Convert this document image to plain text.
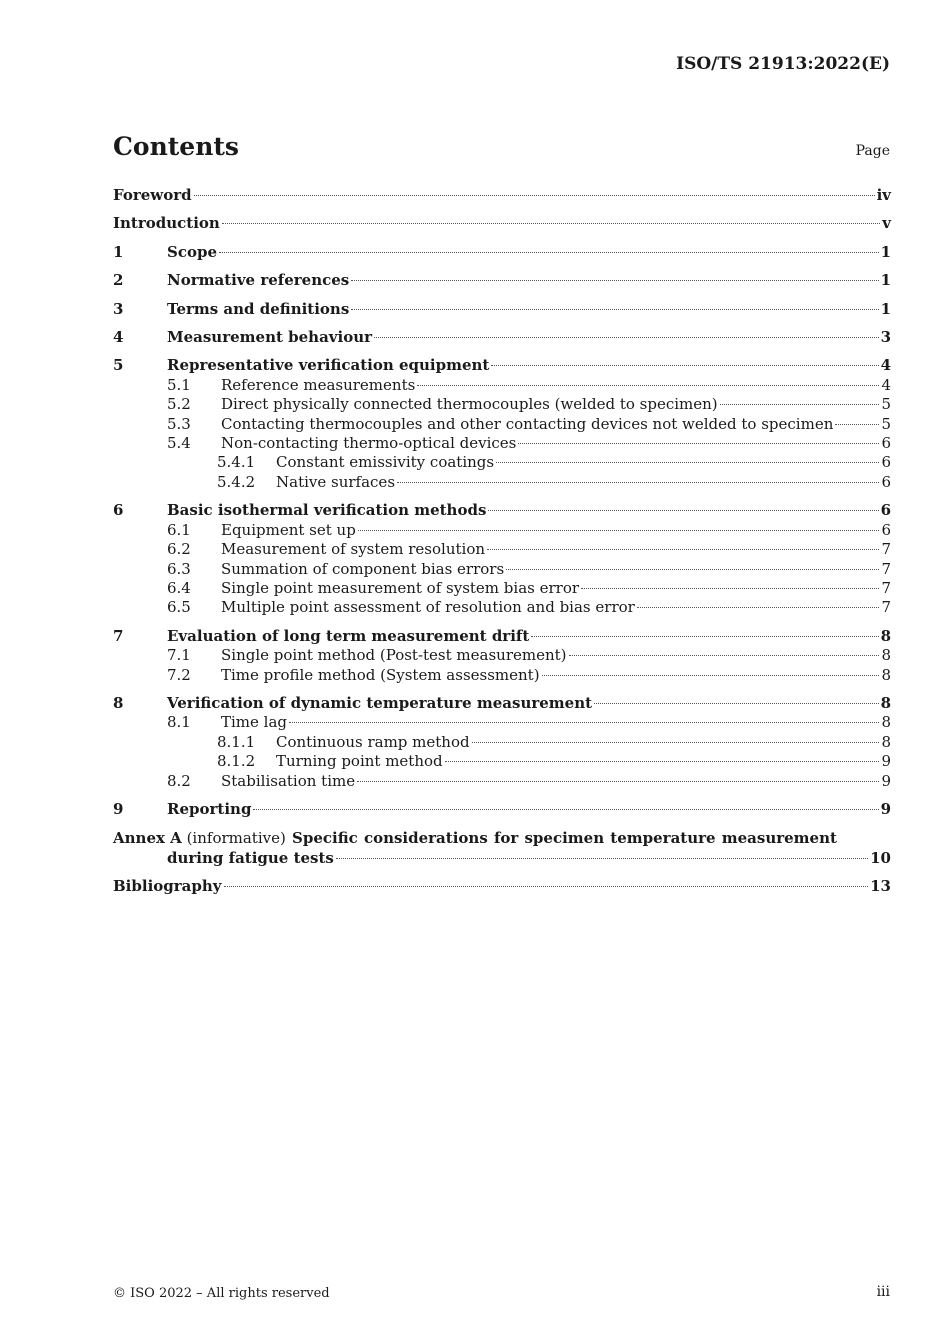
ISO/TS 21913:2022(E)
Contents	Page
Foreword	iv
Introduction	v
1	Scope	1
2	Normative references	1
3	Terms and definitions	1
4	Measurement behaviour	3
5	Representative verification equipment	4
5.1	Reference measurements	4
5.2	Direct physically connected thermocouples (welded to specimen)	5
5.3	Contacting thermocouples and other contacting devices not welded to specimen	5
5.4	Non-contacting thermo-optical devices	6
5.4.1	Constant emissivity coatings	6
5.4.2	Native surfaces	6
6	Basic isothermal verification methods	6
6.1	Equipment set up	6
6.2	Measurement of system resolution	7
6.3	Summation of component bias errors	7
6.4	Single point measurement of system bias error	7
6.5	Multiple point assessment of resolution and bias error	7
7	Evaluation of long term measurement drift	8
7.1	Single point method (Post-test measurement)	8
7.2	Time profile method (System assessment)	8
8	Verification of dynamic temperature measurement	8
8.1	Time lag	8
8.1.1	Continuous ramp method	8
8.1.2	Turning point method	9
8.2	Stabilisation time	9
9	Reporting	9
Annex A (informative) Specific considerations for specimen temperature measurement
during fatigue tests	10
Bibliography	13
© ISO 2022 – All rights reserved	iii
